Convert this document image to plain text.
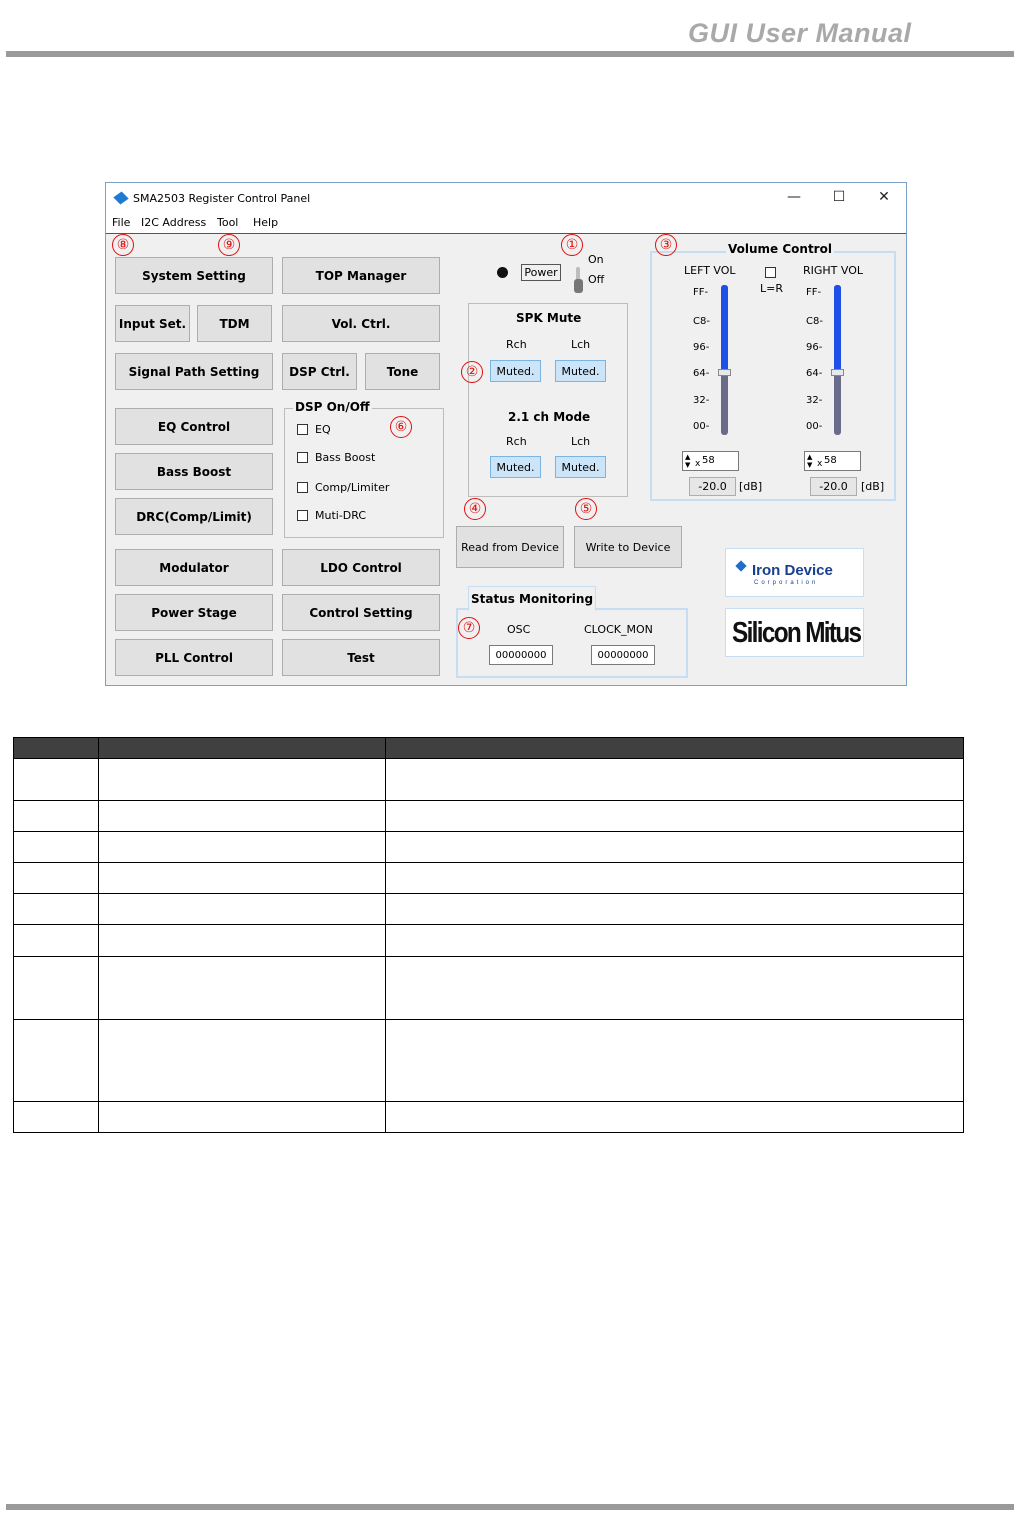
GUI User Manual
SMA2503 Register Control Panel	—	☐	✕
File I2C Address Tool Help
System Setting	TOP Manager
Input Set.	TDM	Vol. Ctrl.
Signal Path Setting	DSP Ctrl.	Tone
EQ Control
Bass Boost
DRC(Comp/Limit)
Modulator	LDO Control
Power Stage	Control Setting
PLL Control	Test
DSP On/Off
EQ
Bass Boost
Comp/Limiter
Muti-DRC
Power
On
Off
SPK Mute
Rch	Lch
Muted.	Muted.
2.1 ch Mode
Rch	Lch
Muted.	Muted.
Read from Device	Write to Device
Volume Control
LEFT VOL	RIGHT VOL
L=R
FF-
C8-
96-
64-
32-
00-
FF-
C8-
96-
64-
32-
00-
▲
▼ x 58	▲
▼ x 58
-20.0	[dB]	-20.0	[dB]
Status Monitoring
OSC	CLOCK_MON
00000000	00000000
①
②
③
④	⑤
⑥
⑦
⑧	⑨
Iron Device
Corporation
Silicon Mitus
